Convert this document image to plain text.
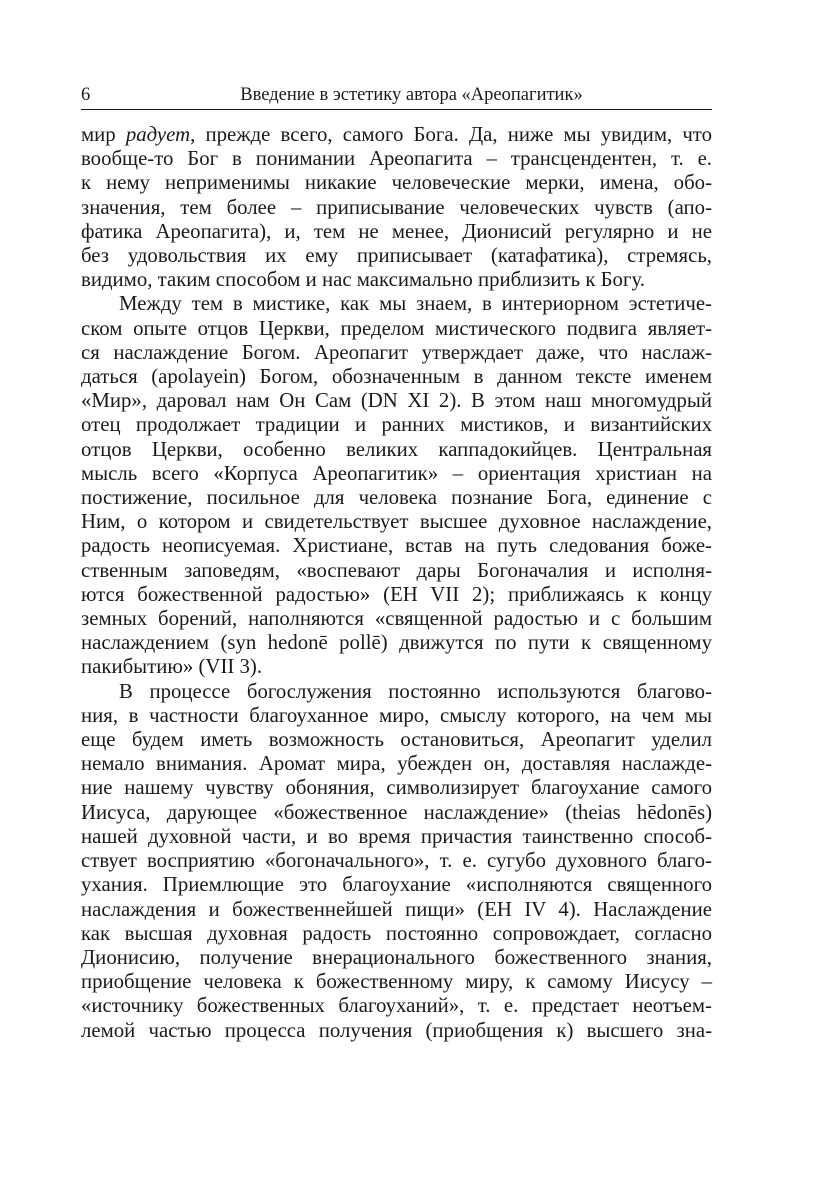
6	Введение в эстетику автора «Ареопагитик»
мир радует, прежде всего, самого Бога. Да, ниже мы увидим, что
вообще-то Бог в понимании Ареопагита – трансцендентен, т. е.
к нему неприменимы никакие человеческие мерки, имена, обо-
значения, тем более – приписывание человеческих чувств (апо-
фатика Ареопагита), и, тем не менее, Дионисий регулярно и не
без удовольствия их ему приписывает (катафатика), стремясь,
видимо, таким способом и нас максимально приблизить к Богу.
Между тем в мистике, как мы знаем, в интериорном эстетиче-
ском опыте отцов Церкви, пределом мистического подвига являет-
ся наслаждение Богом. Ареопагит утверждает даже, что наслаж-
даться (apolayein) Богом, обозначенным в данном тексте именем
«Мир», даровал нам Он Сам (DN XI 2). В этом наш многомудрый
отец продолжает традиции и ранних мистиков, и византийских
отцов Церкви, особенно великих каппадокийцев. Центральная
мысль всего «Корпуса Ареопагитик» – ориентация христиан на
постижение, посильное для человека познание Бога, единение с
Ним, о котором и свидетельствует высшее духовное наслаждение,
радость неописуемая. Христиане, встав на путь следования боже-
ственным заповедям, «воспевают дары Богоначалия и исполня-
ются божественной радостью» (EH VII 2); приближаясь к концу
земных борений, наполняются «священной радостью и с большим
наслаждением (syn hedonē pollē) движутся по пути к священному
пакибытию» (VII 3).
В процессе богослужения постоянно используются благово-
ния, в частности благоуханное миро, смыслу которого, на чем мы
еще будем иметь возможность остановиться, Ареопагит уделил
немало внимания. Аромат мира, убежден он, доставляя наслажде-
ние нашему чувству обоняния, символизирует благоухание самого
Иисуса, дарующее «божественное наслаждение» (theias hēdonēs)
нашей духовной части, и во время причастия таинственно способ-
ствует восприятию «богоначального», т. е. сугубо духовного благо-
ухания. Приемлющие это благоухание «исполняются священного
наслаждения и божественнейшей пищи» (EH IV 4). Наслаждение
как высшая духовная радость постоянно сопровождает, согласно
Дионисию, получение внерационального божественного знания,
приобщение человека к божественному миру, к самому Иисусу –
«источнику божественных благоуханий», т. е. предстает неотъем-
лемой частью процесса получения (приобщения к) высшего зна-
